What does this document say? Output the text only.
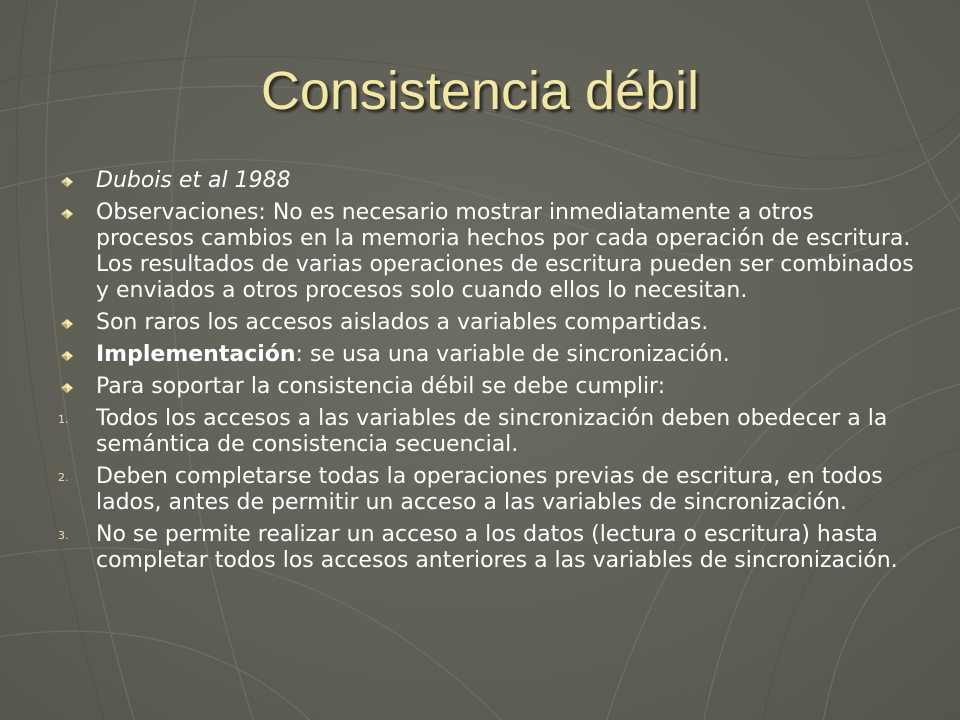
Consistencia débil
Dubois et al 1988
Observaciones: No es necesario mostrar inmediatamente a otros procesos cambios en la memoria hechos por cada operación de escritura. Los resultados de varias operaciones de escritura pueden ser combinados y enviados a otros procesos solo cuando ellos lo necesitan.
Son raros los accesos aislados a variables compartidas.
Implementación: se usa una variable de sincronización.
Para soportar la consistencia débil se debe cumplir:
1. Todos los accesos a las variables de sincronización deben obedecer a la semántica de consistencia secuencial.
2. Deben completarse todas la operaciones previas de escritura, en todos lados, antes de permitir un acceso a las variables de sincronización.
3. No se permite realizar un acceso a los datos (lectura o escritura) hasta completar todos los accesos anteriores a las variables de sincronización.
